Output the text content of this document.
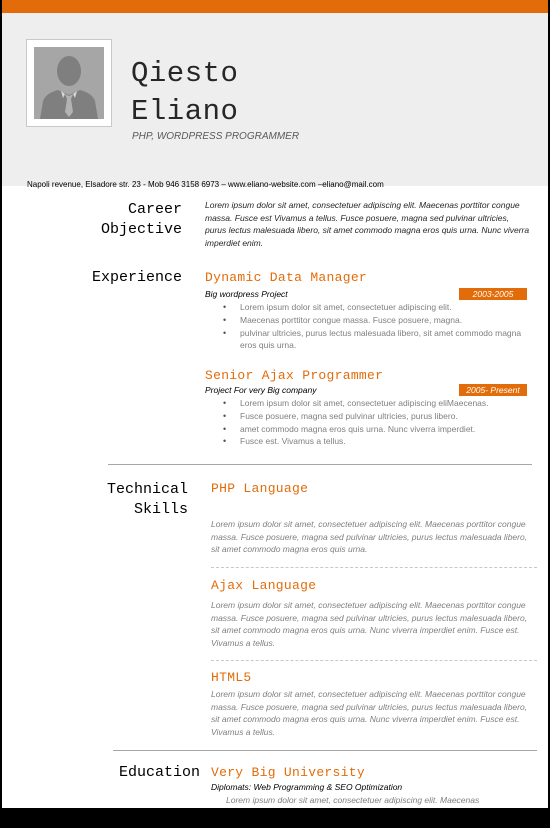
Qiesto
Eliano
PHP, WORDPRESS PROGRAMMER
Napoli revenue, Elsadore str. 23 - Mob 946 3158 6973 – www.eliano-website.com –eliano@mail.com
Career
Objective
Lorem ipsum dolor sit amet, consectetuer adipiscing elit. Maecenas porttitor congue massa. Fusce est Vivamus a tellus. Fusce posuere, magna sed pulvinar ultricies, purus lectus malesuada libero, sit amet commodo magna eros quis urna. Nunc viverra imperdiet enim.
Experience Dynamic Data Manager
Big wordpress Project	2003-2005
• Lorem ipsum dolor sit amet, consectetuer adipiscing elit.
• Maecenas porttitor congue massa. Fusce posuere, magna.
• pulvinar ultricies, purus lectus malesuada libero, sit amet commodo magna eros quis urna.
Senior Ajax Programmer
Project For very Big company	2005- Present
• Lorem ipsum dolor sit amet, consectetuer adipiscing eliMaecenas.
• Fusce posuere, magna sed pulvinar ultricies, purus libero.
• amet commodo magna eros quis urna. Nunc viverra imperdiet.
• Fusce est. Vivamus a tellus.
Technical
Skills
PHP Language
Lorem ipsum dolor sit amet, consectetuer adipiscing elit. Maecenas porttitor congue massa. Fusce posuere, magna sed pulvinar ultricies, purus lectus malesuada libero, sit amet commodo magna eros quis urna.
Ajax Language
Lorem ipsum dolor sit amet, consectetuer adipiscing elit. Maecenas porttitor congue massa. Fusce posuere, magna sed pulvinar ultricies, purus lectus malesuada libero, sit amet commodo magna eros quis urna. Nunc viverra imperdiet enim. Fusce est. Vivamus a tellus.
HTML5
Lorem ipsum dolor sit amet, consectetuer adipiscing elit. Maecenas porttitor congue massa. Fusce posuere, magna sed pulvinar ultricies, purus lectus malesuada libero, sit amet commodo magna eros quis urna. Nunc viverra imperdiet enim. Fusce est. Vivamus a tellus.
Education Very Big University
Diplomats: Web Programming & SEO Optimization
Lorem ipsum dolor sit amet, consectetuer adipiscing elit. Maecenas
